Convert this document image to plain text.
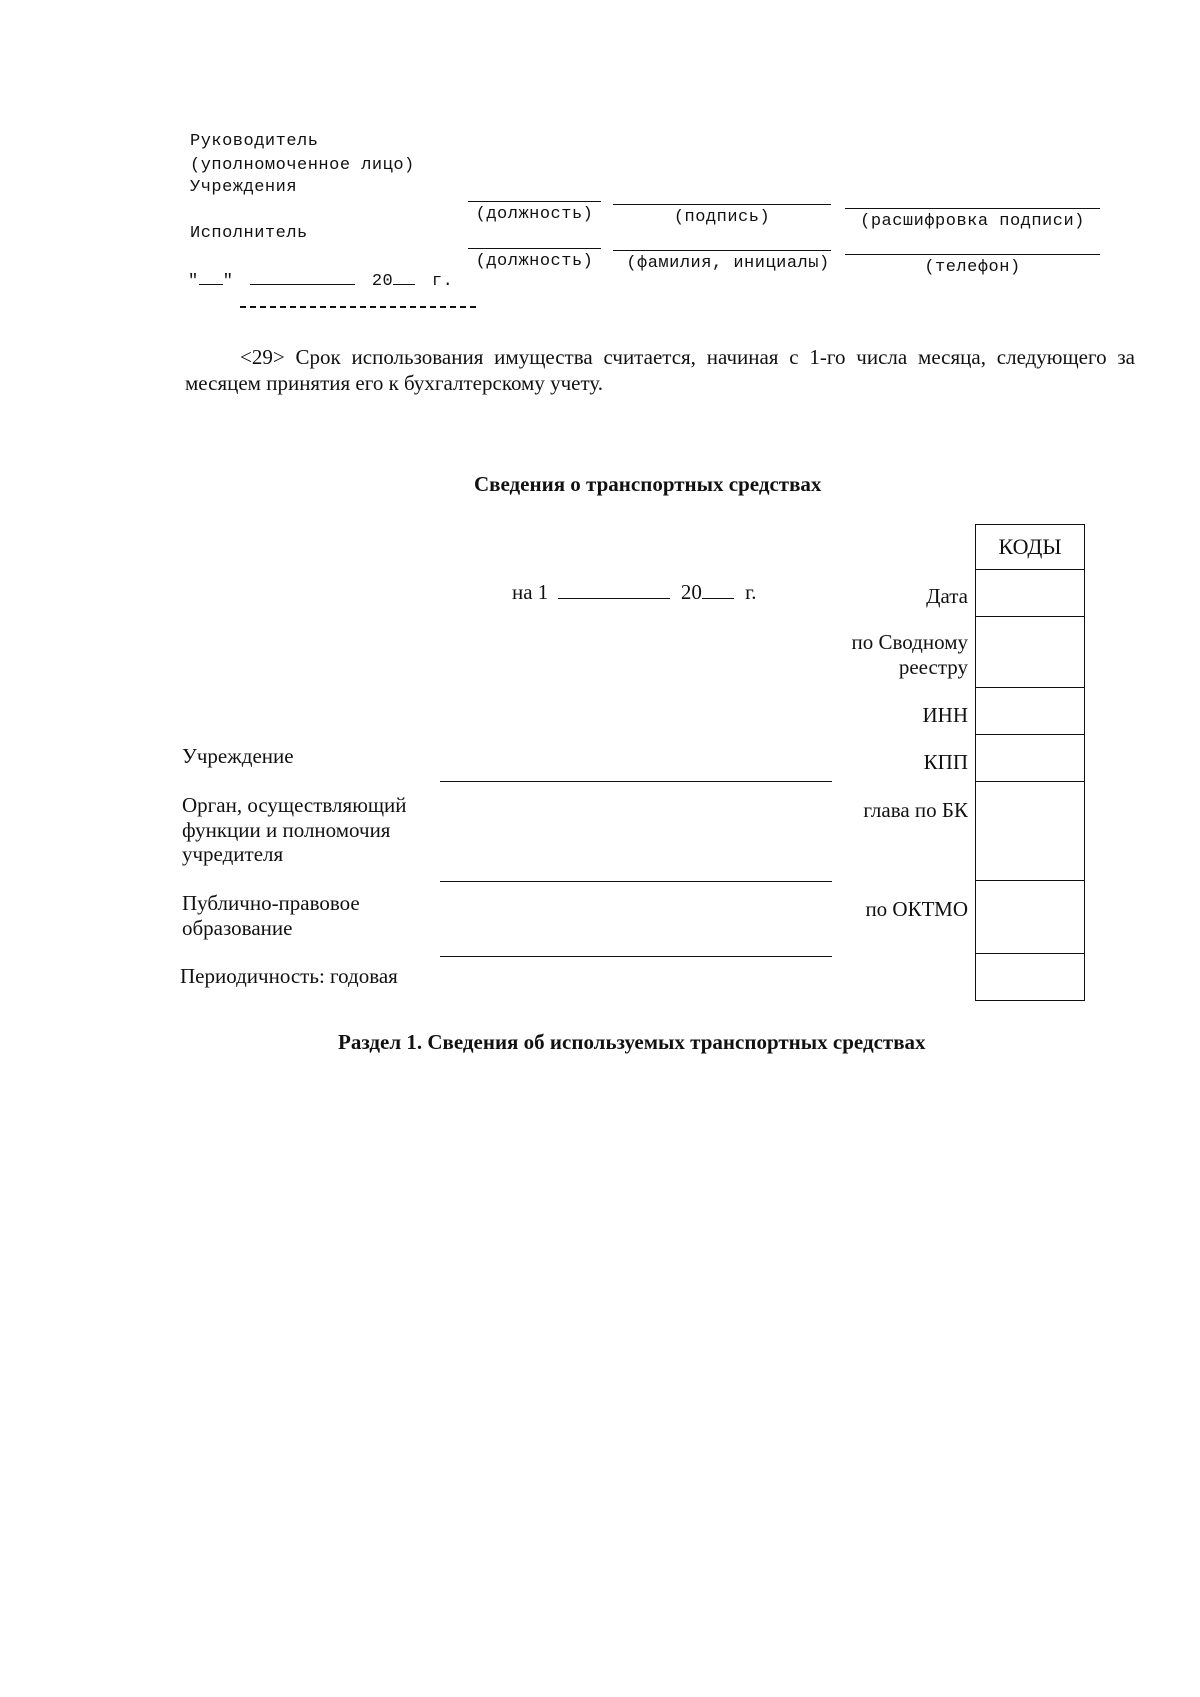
Руководитель
(уполномоченное лицо)
Учреждения
(должность)	(подпись)	(расшифровка подписи)
Исполнитель
(должность)	(фамилия, инициалы)	(телефон)
" "	20 г.
<29> Срок использования имущества считается, начиная с 1-го числа месяца, следующего за месяцем принятия его к бухгалтерскому учету.
Сведения о транспортных средствах
КОДЫ

на 1	20 г.	Дата
по Сводному
реестру
ИНН
КПП
глава по БК
по ОКТМО
Учреждение
Орган, осуществляющий
функции и полномочия
учредителя
Публично-правовое
образование
Периодичность: годовая
Раздел 1. Сведения об используемых транспортных средствах
